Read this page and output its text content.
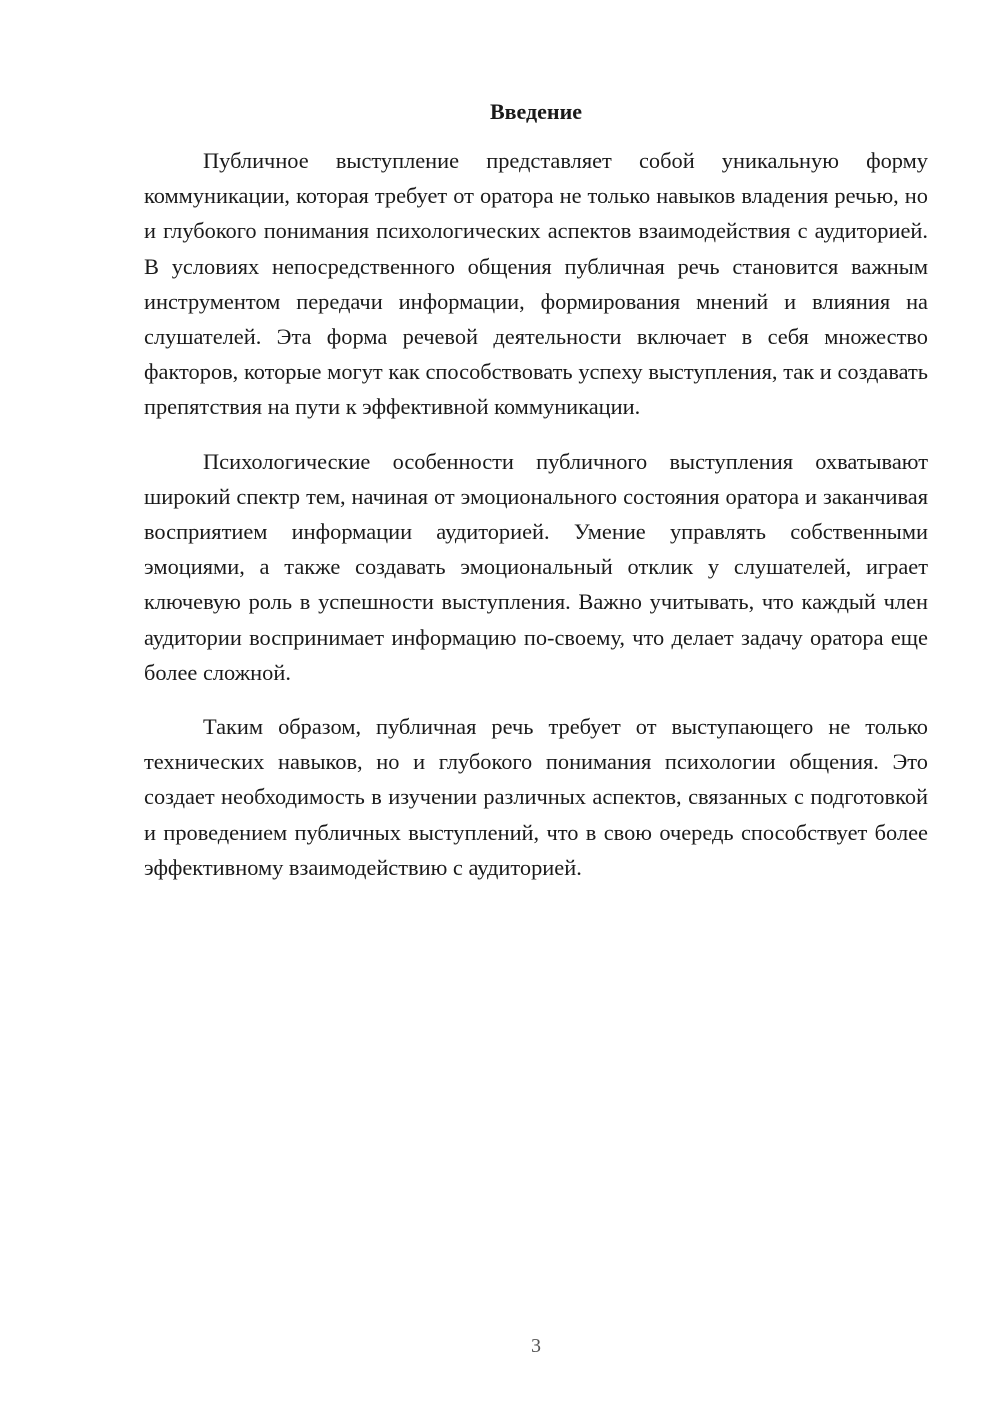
Введение

Публичное выступление представляет собой уникальную форму коммуникации, которая требует от оратора не только навыков владения речью, но и глубокого понимания психологических аспектов взаимодействия с аудиторией. В условиях непосредственного общения публичная речь становится важным инструментом передачи информации, формирования мнений и влияния на слушателей. Эта форма речевой деятельности включает в себя множество факторов, которые могут как способствовать успеху выступления, так и создавать препятствия на пути к эффективной коммуникации.

Психологические особенности публичного выступления охватывают широкий спектр тем, начиная от эмоционального состояния оратора и заканчивая восприятием информации аудиторией. Умение управлять собственными эмоциями, а также создавать эмоциональный отклик у слушателей, играет ключевую роль в успешности выступления. Важно учитывать, что каждый член аудитории воспринимает информацию по-своему, что делает задачу оратора еще более сложной.

Таким образом, публичная речь требует от выступающего не только технических навыков, но и глубокого понимания психологии общения. Это создает необходимость в изучении различных аспектов, связанных с подготовкой и проведением публичных выступлений, что в свою очередь способствует более эффективному взаимодействию с аудиторией.

3
